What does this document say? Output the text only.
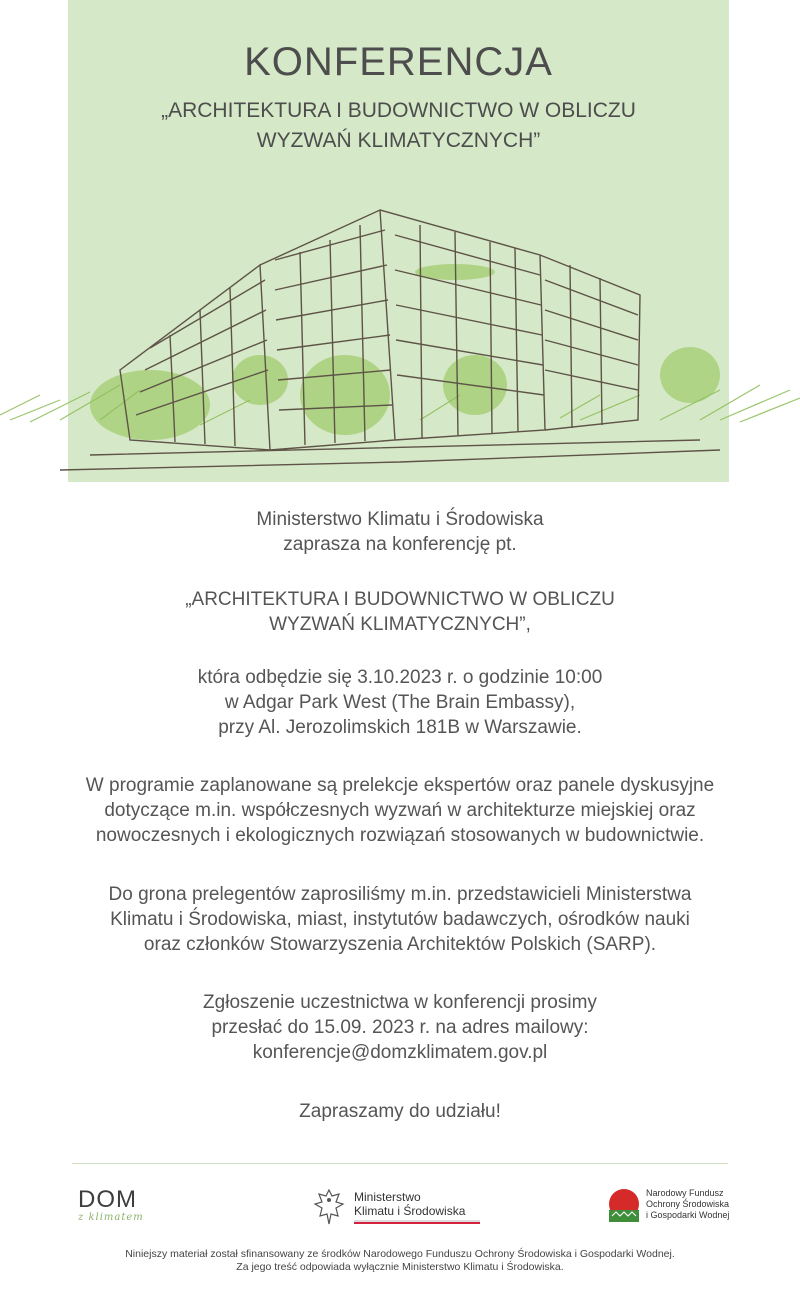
KONFERENCJA
„ARCHITEKTURA I BUDOWNICTWO W OBLICZU
WYZWAŃ KLIMATYCZNYCH”
Ministerstwo Klimatu i Środowiska
zaprasza na konferencję pt.
„ARCHITEKTURA I BUDOWNICTWO W OBLICZU
WYZWAŃ KLIMATYCZNYCH”,
która odbędzie się 3.10.2023 r. o godzinie 10:00
w Adgar Park West (The Brain Embassy),
przy Al. Jerozolimskich 181B w Warszawie.
W programie zaplanowane są prelekcje ekspertów oraz panele dyskusyjne
dotyczące m.in. współczesnych wyzwań w architekturze miejskiej oraz
nowoczesnych i ekologicznych rozwiązań stosowanych w budownictwie.
Do grona prelegentów zaprosiliśmy m.in. przedstawicieli Ministerstwa
Klimatu i Środowiska, miast, instytutów badawczych, ośrodków nauki
oraz członków Stowarzyszenia Architektów Polskich (SARP).
Zgłoszenie uczestnictwa w konferencji prosimy
przesłać do 15.09. 2023 r. na adres mailowy:
konferencje@domzklimatem.gov.pl
Zapraszamy do udziału!
DOM
z klimatem
Ministerstwo
Klimatu i Środowiska
Narodowy Fundusz
Ochrony Środowiska
i Gospodarki Wodnej
Niniejszy materiał został sfinansowany ze środków Narodowego Funduszu Ochrony Środowiska i Gospodarki Wodnej.
Za jego treść odpowiada wyłącznie Ministerstwo Klimatu i Środowiska.
